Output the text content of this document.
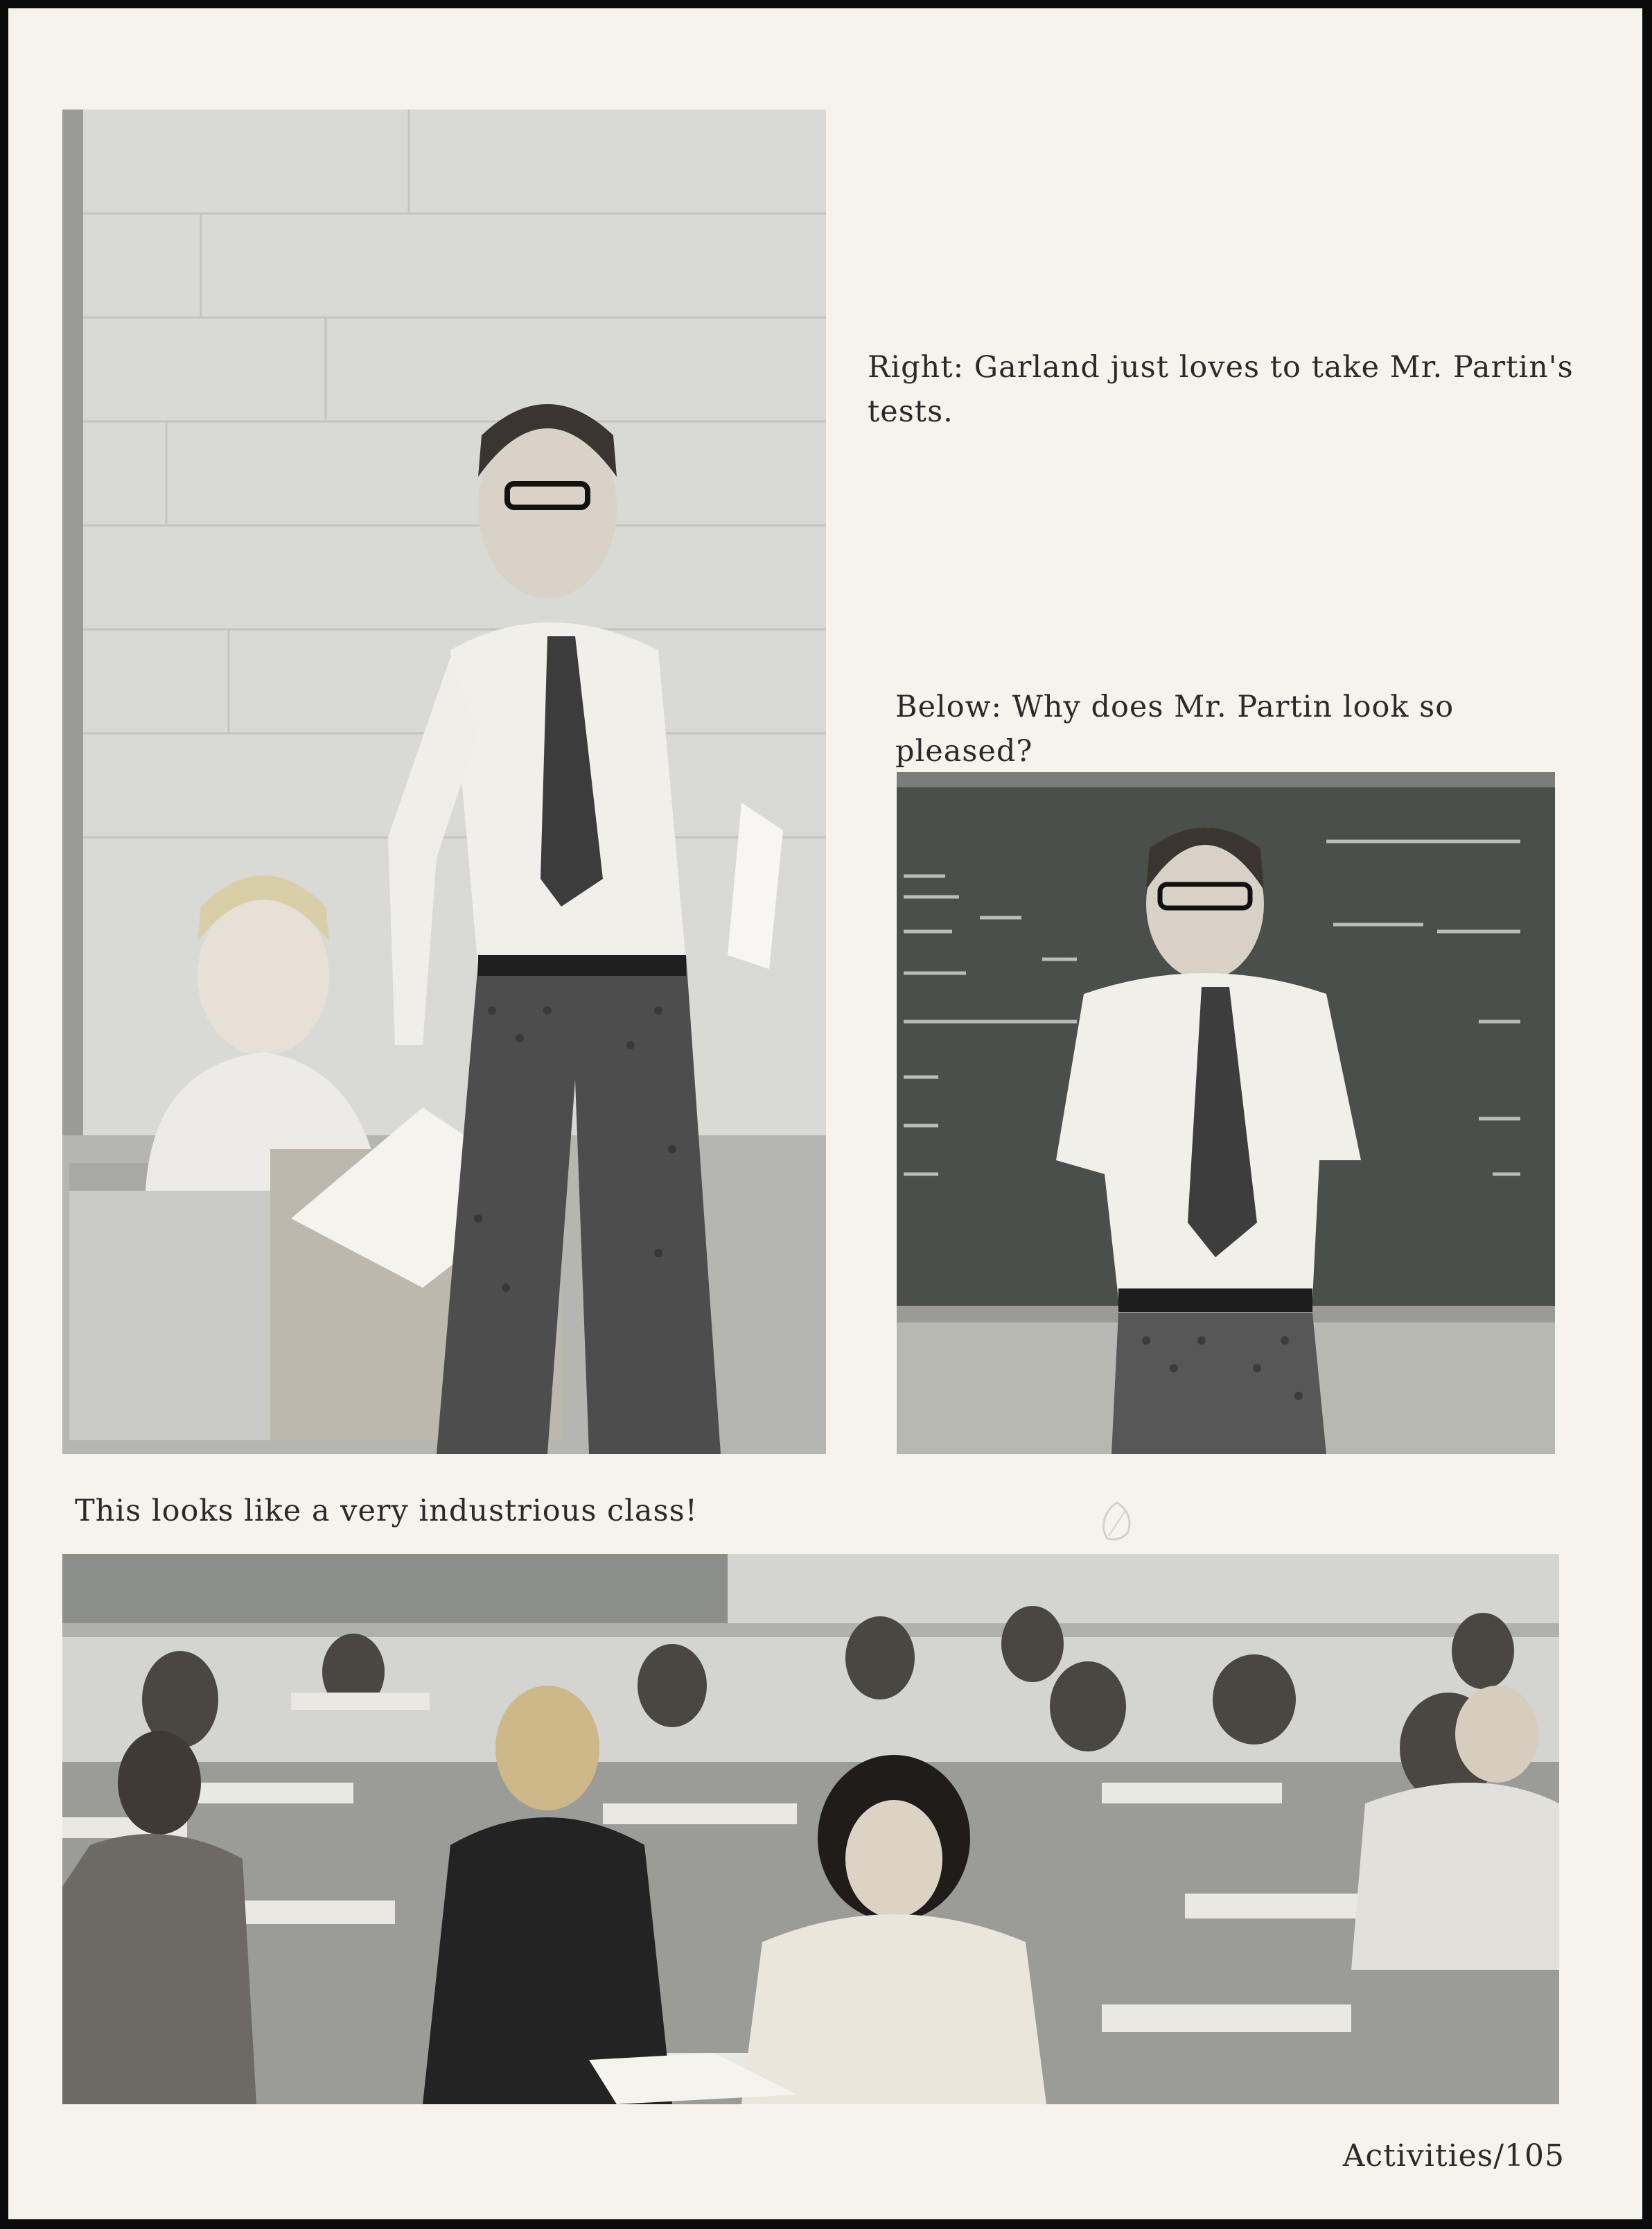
Right: Garland just loves to take Mr. Partin's tests.

Below: Why does Mr. Partin look so pleased?

This looks like a very industrious class!

Activities/105
